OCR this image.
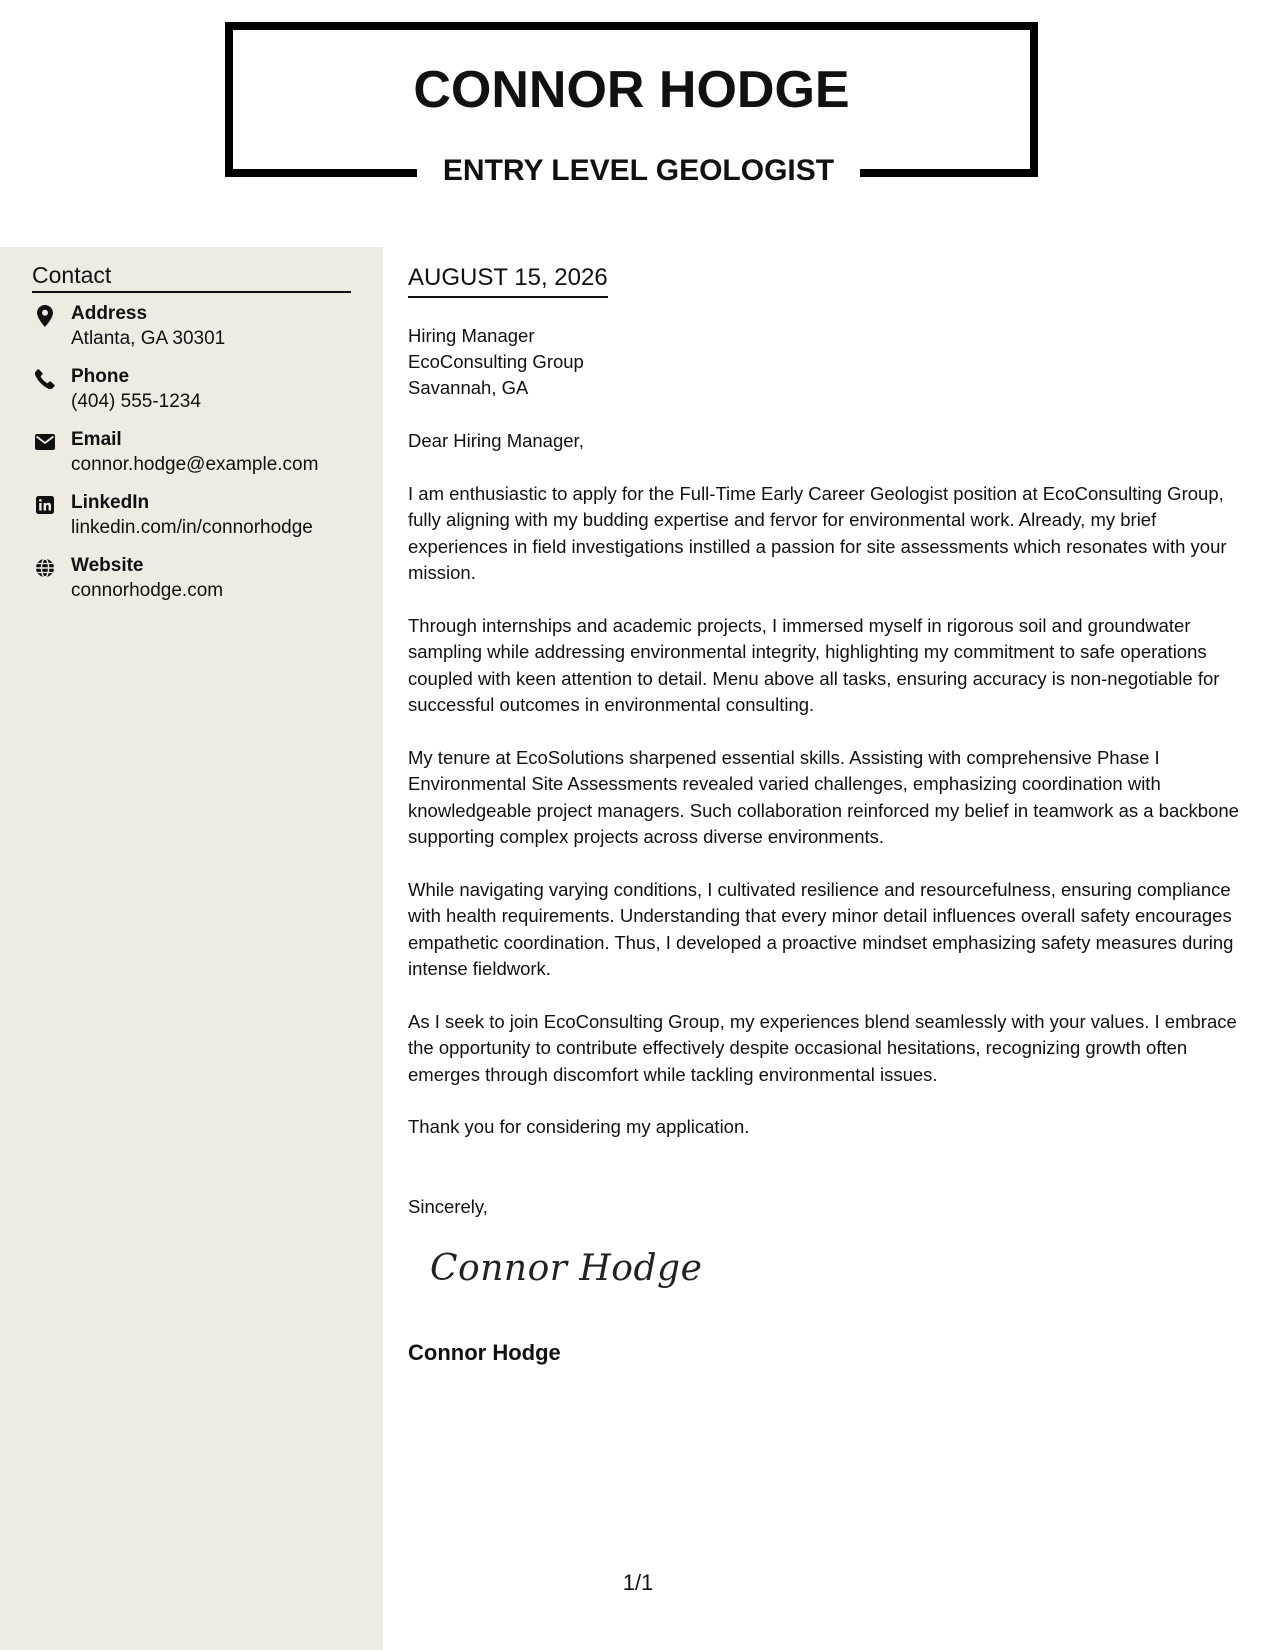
CONNOR HODGE
ENTRY LEVEL GEOLOGIST
Contact
Address
Atlanta, GA 30301
Phone
(404) 555-1234
Email
connor.hodge@example.com
LinkedIn
linkedin.com/in/connorhodge
Website
connorhodge.com
AUGUST 15, 2026
Hiring Manager
EcoConsulting Group
Savannah, GA

Dear Hiring Manager,

I am enthusiastic to apply for the Full-Time Early Career Geologist position at EcoConsulting Group, fully aligning with my budding expertise and fervor for environmental work. Already, my brief experiences in field investigations instilled a passion for site assessments which resonates with your mission.

Through internships and academic projects, I immersed myself in rigorous soil and groundwater sampling while addressing environmental integrity, highlighting my commitment to safe operations coupled with keen attention to detail. Menu above all tasks, ensuring accuracy is non-negotiable for successful outcomes in environmental consulting.

My tenure at EcoSolutions sharpened essential skills. Assisting with comprehensive Phase I Environmental Site Assessments revealed varied challenges, emphasizing coordination with knowledgeable project managers. Such collaboration reinforced my belief in teamwork as a backbone supporting complex projects across diverse environments.

While navigating varying conditions, I cultivated resilience and resourcefulness, ensuring compliance with health requirements. Understanding that every minor detail influences overall safety encourages empathetic coordination. Thus, I developed a proactive mindset emphasizing safety measures during intense fieldwork.

As I seek to join EcoConsulting Group, my experiences blend seamlessly with your values. I embrace the opportunity to contribute effectively despite occasional hesitations, recognizing growth often emerges through discomfort while tackling environmental issues.

Thank you for considering my application.

Sincerely,
Connor Hodge
Connor Hodge
1/1
